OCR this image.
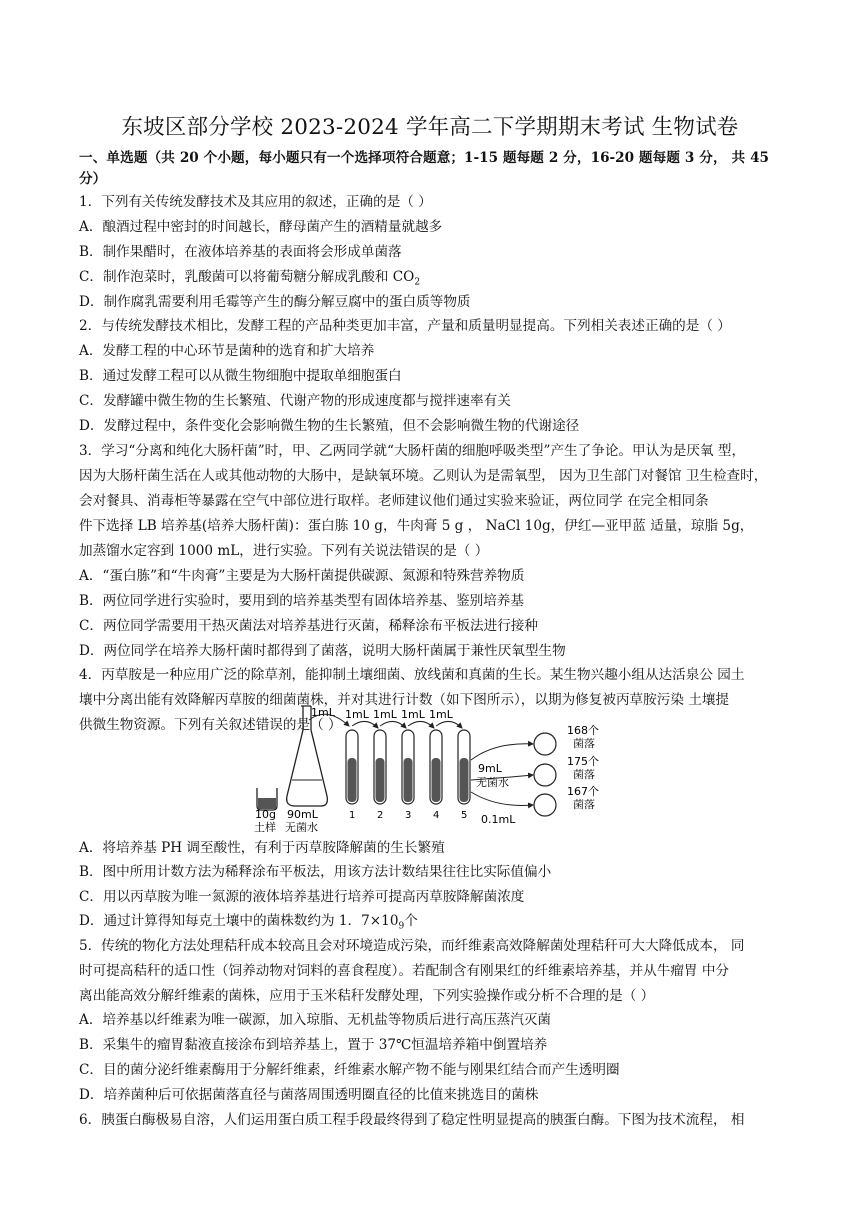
东坡区部分学校 2023-2024 学年高二下学期期末考试 生物试卷
一、单选题（共 20 个小题，每小题只有一个选择项符合题意；1-15 题每题 2 分，16-20 题每题 3 分， 共 45
分）
1．下列有关传统发酵技术及其应用的叙述，正确的是（ ）
A．酿酒过程中密封的时间越长，酵母菌产生的酒精量就越多
B．制作果醋时，在液体培养基的表面将会形成单菌落
C．制作泡菜时，乳酸菌可以将葡萄糖分解成乳酸和 $CO_2$
D．制作腐乳需要利用毛霉等产生的酶分解豆腐中的蛋白质等物质
2．与传统发酵技术相比，发酵工程的产品种类更加丰富，产量和质量明显提高。下列相关表述正确的是（ ）
A．发酵工程的中心环节是菌种的选育和扩大培养
B．通过发酵工程可以从微生物细胞中提取单细胞蛋白
C．发酵罐中微生物的生长繁殖、代谢产物的形成速度都与搅拌速率有关
D．发酵过程中，条件变化会影响微生物的生长繁殖，但不会影响微生物的代谢途径
3．学习“分离和纯化大肠杆菌”时，甲、乙两同学就“大肠杆菌的细胞呼吸类型”产生了争论。甲认为是厌氧 型，
因为大肠杆菌生活在人或其他动物的大肠中，是缺氧环境。乙则认为是需氧型， 因为卫生部门对餐馆 卫生检查时，
会对餐具、消毒柜等暴露在空气中部位进行取样。老师建议他们通过实验来验证，两位同学 在完全相同条
件下选择 LB 培养基(培养大肠杆菌)：蛋白胨 10 g，牛肉膏 5 g ， NaCl 10g，伊红—亚甲蓝 适量，琼脂 5g，
加蒸馏水定容到 1000 mL，进行实验。下列有关说法错误的是（ ）
A．“蛋白胨”和“牛肉膏”主要是为大肠杆菌提供碳源、氮源和特殊营养物质
B．两位同学进行实验时，要用到的培养基类型有固体培养基、鉴别培养基
C．两位同学需要用干热灭菌法对培养基进行灭菌，稀释涂布平板法进行接种
D．两位同学在培养大肠杆菌时都得到了菌落，说明大肠杆菌属于兼性厌氧型生物
4．丙草胺是一种应用广泛的除草剂，能抑制土壤细菌、放线菌和真菌的生长。某生物兴趣小组从达活泉公 园土
壤中分离出能有效降解丙草胺的细菌菌株，并对其进行计数（如下图所示），以期为修复被丙草胺污染 土壤提
供微生物资源。下列有关叙述错误的是（ ）
10g
土样
90mL
无菌水
1mL 1mL 1mL 1mL 1mL
1 2 3 4 5
9mL
无菌水
0.1mL
168个
菌落
175个
菌落
167个
菌落
A．将培养基 PH 调至酸性，有利于丙草胺降解菌的生长繁殖
B．图中所用计数方法为稀释涂布平板法，用该方法计数结果往往比实际值偏小
C．用以丙草胺为唯一氮源的液体培养基进行培养可提高丙草胺降解菌浓度
D．通过计算得知每克土壤中的菌株数约为 1．$7\times 10_9$个
5．传统的物化方法处理秸秆成本较高且会对环境造成污染，而纤维素高效降解菌处理秸秆可大大降低成本， 同
时可提高秸秆的适口性（饲养动物对饲料的喜食程度）。若配制含有刚果红的纤维素培养基，并从牛瘤胃 中分
离出能高效分解纤维素的菌株，应用于玉米秸秆发酵处理，下列实验操作或分析不合理的是（ ）
A．培养基以纤维素为唯一碳源，加入琼脂、无机盐等物质后进行高压蒸汽灭菌
B．采集牛的瘤胃黏液直接涂布到培养基上，置于 37℃恒温培养箱中倒置培养
C．目的菌分泌纤维素酶用于分解纤维素，纤维素水解产物不能与刚果红结合而产生透明圈
D．培养菌种后可依据菌落直径与菌落周围透明圈直径的比值来挑选目的菌株
6．胰蛋白酶极易自溶，人们运用蛋白质工程手段最终得到了稳定性明显提高的胰蛋白酶。下图为技术流程， 相
